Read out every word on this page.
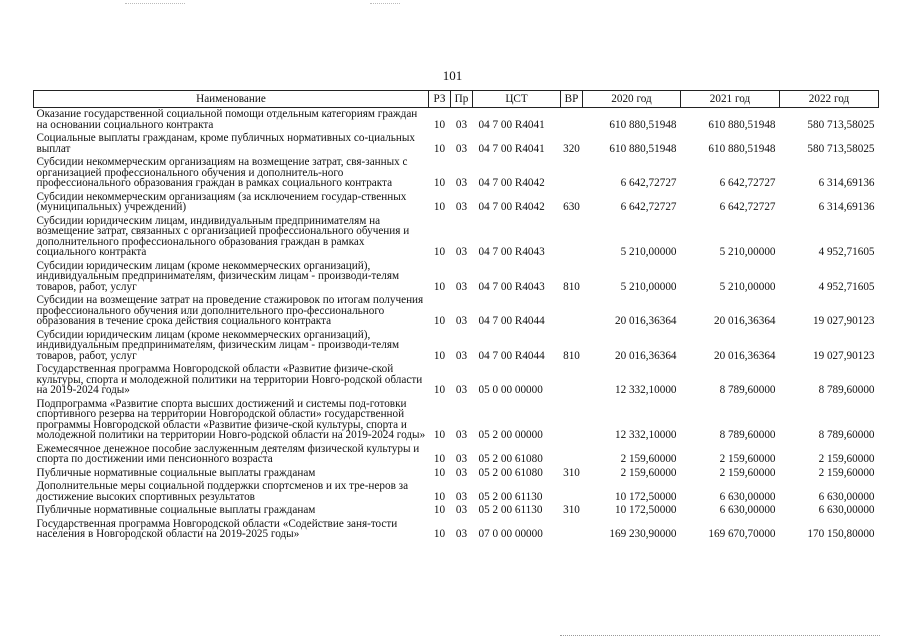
101
Наименование	РЗ	Пр	ЦСТ	ВР	2020 год	2021 год	2022 год
Оказание государственной социальной помощи отдельным категориям граждан на основании социального контракта	10	03	04 7 00 R4041		610 880,51948	610 880,51948	580 713,58025
Социальные выплаты гражданам, кроме публичных нормативных со-циальных выплат	10	03	04 7 00 R4041	320	610 880,51948	610 880,51948	580 713,58025
Субсидии некоммерческим организациям на возмещение затрат, свя-занных с организацией профессионального обучения и дополнитель-ного профессионального образования граждан в рамках социального контракта	10	03	04 7 00 R4042		6 642,72727	6 642,72727	6 314,69136
Субсидии некоммерческим организациям (за исключением государ-ственных (муниципальных) учреждений)	10	03	04 7 00 R4042	630	6 642,72727	6 642,72727	6 314,69136
Субсидии юридическим лицам, индивидуальным предпринимателям на возмещение затрат, связанных с организацией профессионального обучения и дополнительного профессионального образования граждан в рамках социального контракта	10	03	04 7 00 R4043		5 210,00000	5 210,00000	4 952,71605
Субсидии юридическим лицам (кроме некоммерческих организаций), индивидуальным предпринимателям, физическим лицам - производи-телям товаров, работ, услуг	10	03	04 7 00 R4043	810	5 210,00000	5 210,00000	4 952,71605
Субсидии на возмещение затрат на проведение стажировок по итогам получения профессионального обучения или дополнительного про-фессионального образования в течение срока действия социального контракта	10	03	04 7 00 R4044		20 016,36364	20 016,36364	19 027,90123
Субсидии юридическим лицам (кроме некоммерческих организаций), индивидуальным предпринимателям, физическим лицам - производи-телям товаров, работ, услуг	10	03	04 7 00 R4044	810	20 016,36364	20 016,36364	19 027,90123
Государственная программа Новгородской области «Развитие физиче-ской культуры, спорта и молодежной политики на территории Новго-родской области на 2019-2024 годы»	10	03	05 0 00 00000		12 332,10000	8 789,60000	8 789,60000
Подпрограмма «Развитие спорта высших достижений и системы под-готовки спортивного резерва на территории Новгородской области» государственной программы Новгородской области «Развитие физиче-ской культуры, спорта и молодежной политики на территории Новго-родской области на 2019-2024 годы»	10	03	05 2 00 00000		12 332,10000	8 789,60000	8 789,60000
Ежемесячное денежное пособие заслуженным деятелям физической культуры и спорта по достижении ими пенсионного возраста	10	03	05 2 00 61080		2 159,60000	2 159,60000	2 159,60000
Публичные нормативные социальные выплаты гражданам	10	03	05 2 00 61080	310	2 159,60000	2 159,60000	2 159,60000
Дополнительные меры социальной поддержки спортсменов и их тре-неров за достижение высоких спортивных результатов	10	03	05 2 00 61130		10 172,50000	6 630,00000	6 630,00000
Публичные нормативные социальные выплаты гражданам	10	03	05 2 00 61130	310	10 172,50000	6 630,00000	6 630,00000
Государственная программа Новгородской области «Содействие заня-тости населения в Новгородской области на 2019-2025 годы»	10	03	07 0 00 00000		169 230,90000	169 670,70000	170 150,80000
